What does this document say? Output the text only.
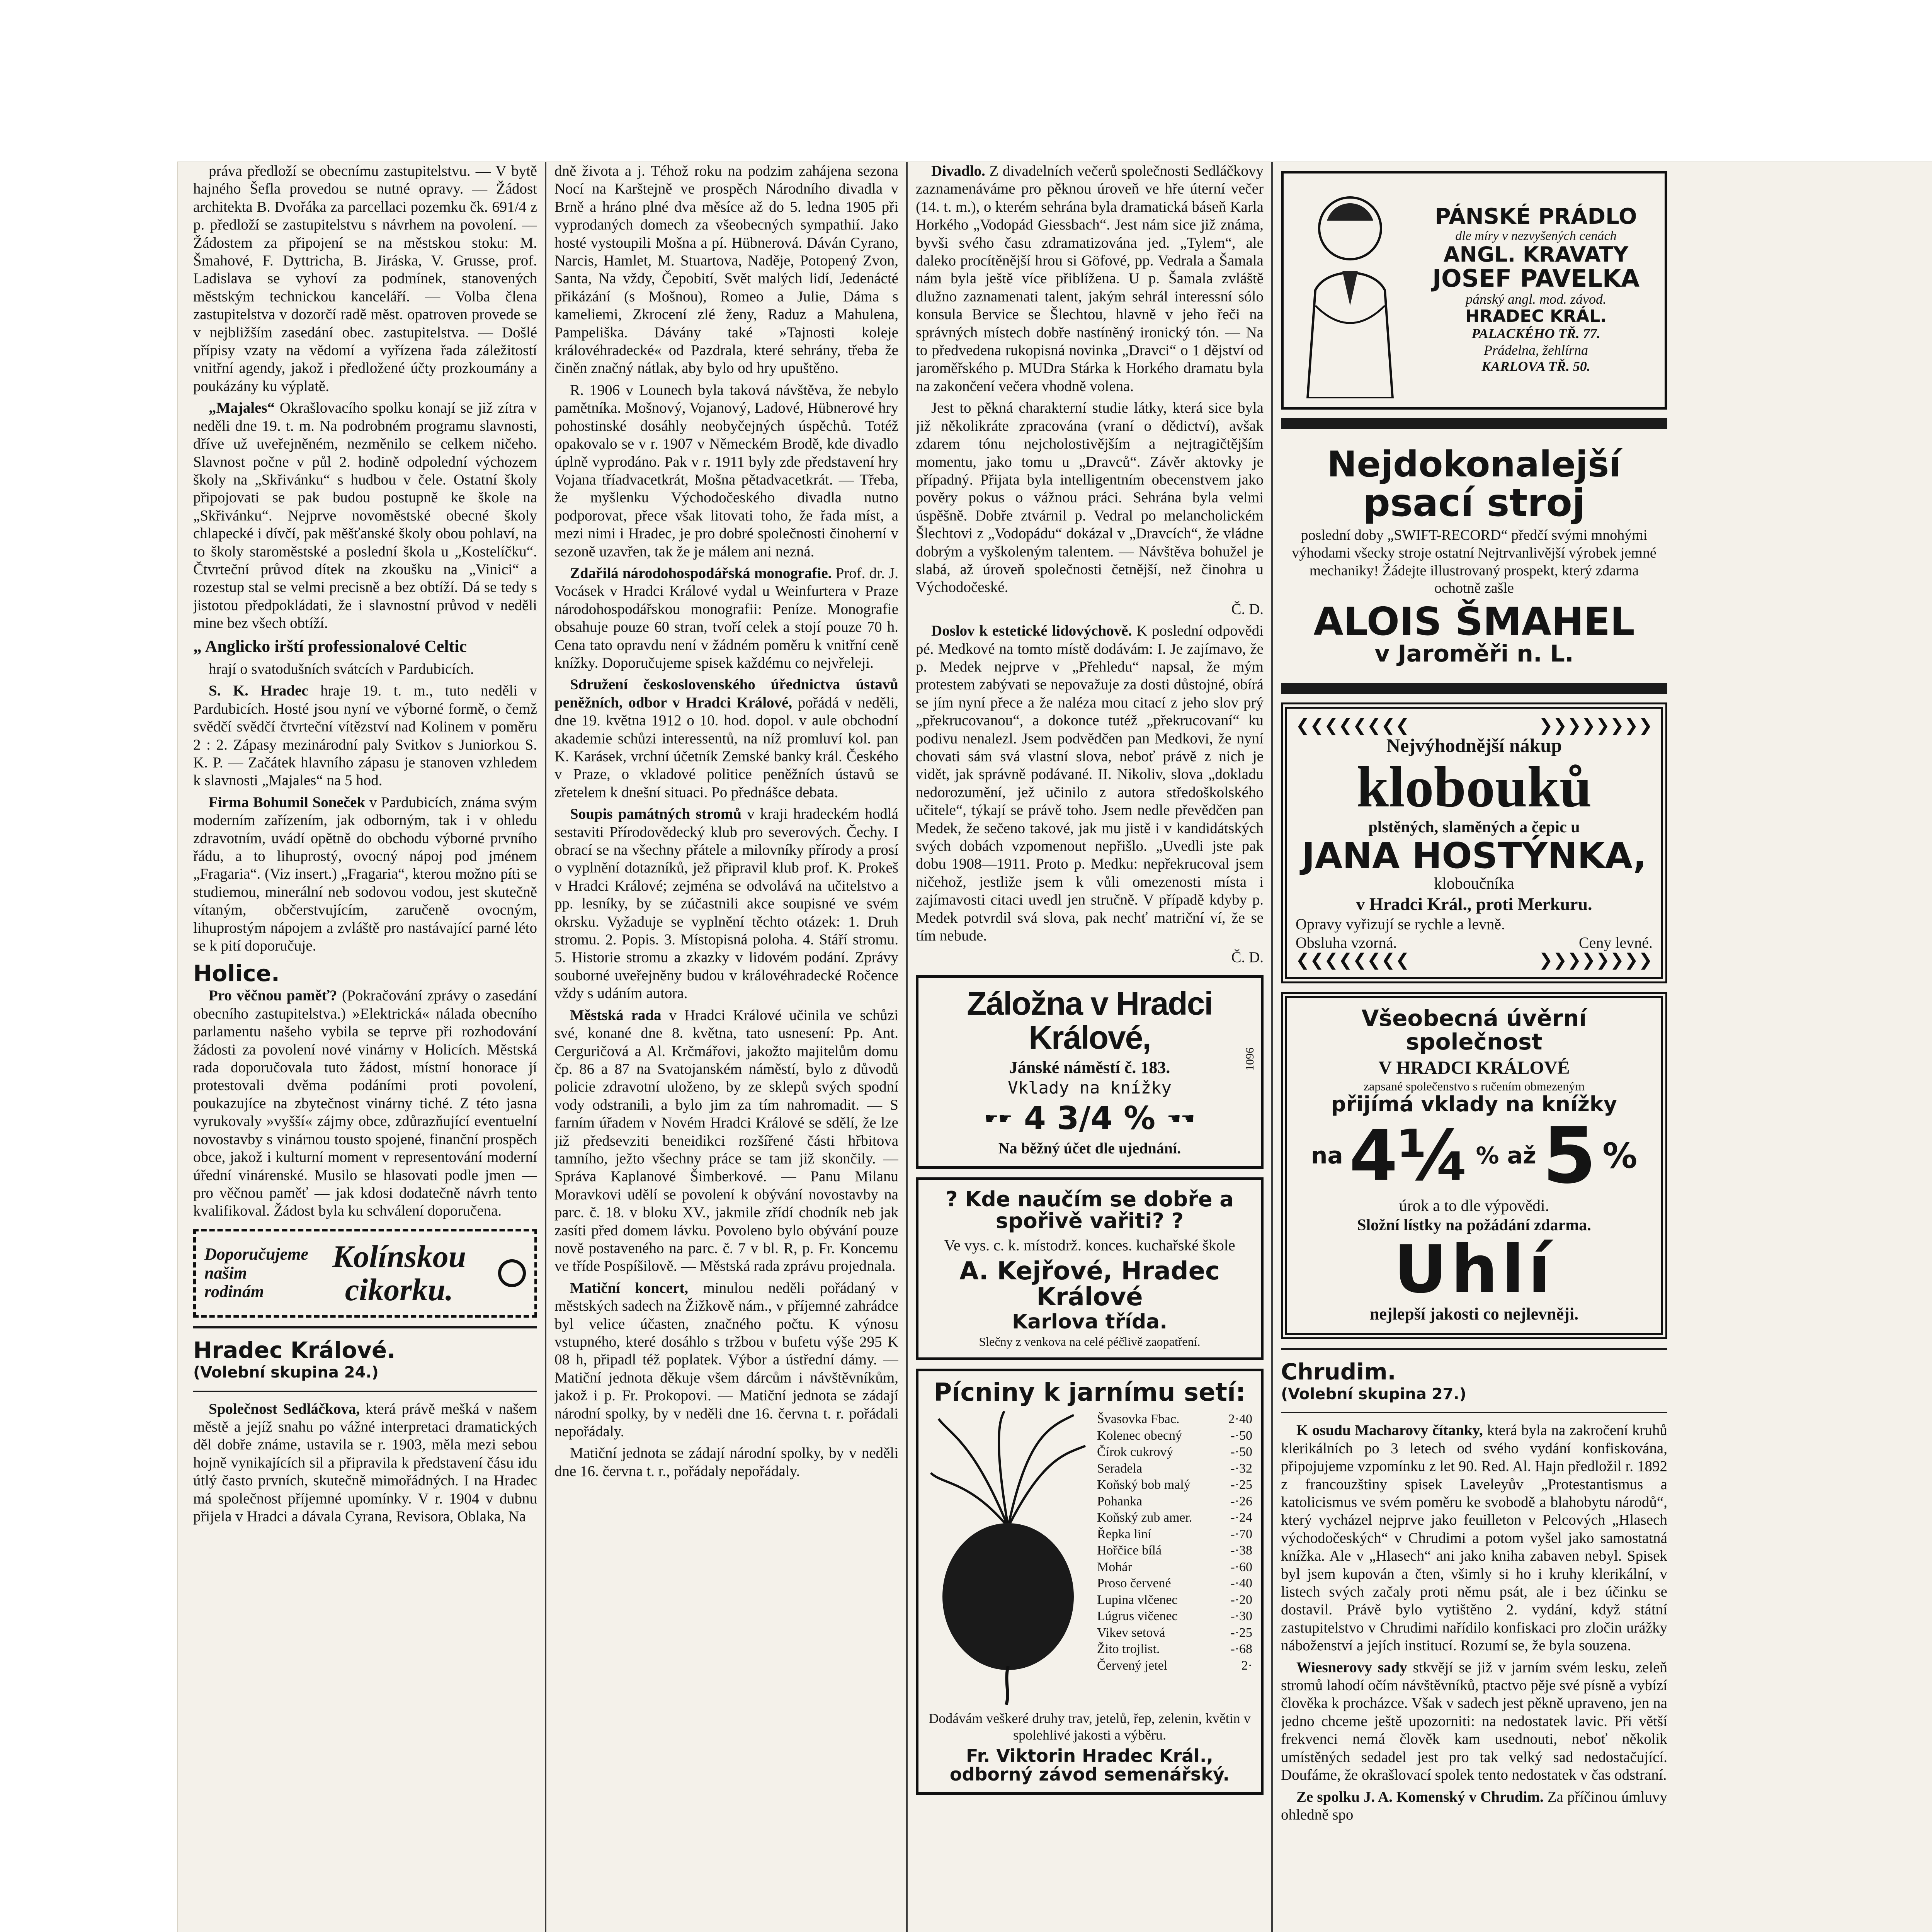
práva předloží se obecnímu zastupitelstvu. — V bytě hajného Šefla provedou se nutné opravy. — Žádost architekta B. Dvořáka za parcellaci pozemku čk. 691/4 z p. předloží se zastupitelstvu s návrhem na povolení. — Žádostem za připojení se na městskou stoku: M. Šmahové, F. Dyttricha, B. Jiráska, V. Grusse, prof. Ladislava se vyhoví za podmínek, stanovených městským technickou kanceláří. — Volba člena zastupitelstva v dozorčí radě měst. opatroven provede se v nejbližším zasedání obec. zastupitelstva. — Došlé přípisy vzaty na vědomí a vyřízena řada záležitostí vnitřní agendy, jakož i předložené účty prozkoumány a poukázány ku výplatě.

„Majales“ Okrašlovacího spolku konají se již zítra v neděli dne 19. t. m. Na podrobném programu slavnosti, dříve už uveřejněném, nezměnilo se celkem ničeho. Slavnost počne v půl 2. hodině odpolední výchozem školy na „Skřivánku“ s hudbou v čele. Ostatní školy připojovati se pak budou postupně ke škole na „Skřivánku“. Nejprve novoměstské obecné školy chlapecké i dívčí, pak měšťanské školy obou pohlaví, na to školy staroměstské a poslední škola u „Kostelíčku“. Čtvrteční průvod dítek na zkoušku na „Vinici“ a rozestup stal se velmi precisně a bez obtíží. Dá se tedy s jistotou předpokládati, že i slavnostní průvod v neděli mine bez všech obtíží.

„ Anglicko irští professionalové Celtic

hrají o svatodušních svátcích v Pardubicích.

S. K. Hradec hraje 19. t. m., tuto neděli v Pardubicích. Hosté jsou nyní ve výborné formě, o čemž svědčí svědčí čtvrteční vítězství nad Kolinem v poměru 2 : 2. Zápasy mezinárodní paly Svitkov s Juniorkou S. K. P. — Začátek hlavního zápasu je stanoven vzhledem k slavnosti „Majales“ na 5 hod.

Firma Bohumil Soneček v Pardubicích, známa svým moderním zařízením, jak odborným, tak i v ohledu zdravotním, uvádí opětně do obchodu výborné prvního řádu, a to lihuprostý, ovocný nápoj pod jménem „Fragaria“. (Viz insert.) „Fragaria“, kterou možno píti se studiemou, minerální neb sodovou vodou, jest skutečně vítaným, občerstvujícím, zaručeně ovocným, lihuprostým nápojem a zvláště pro nastávající parné léto se k pití doporučuje.

Holice.

Pro věčnou paměť? (Pokračování zprávy o zasedání obecního zastupitelstva.) »Elektrická« nálada obecního parlamentu našeho vybila se teprve při rozhodování žádosti za povolení nové vinárny v Holicích. Městská rada doporučovala tuto žádost, místní honorace jí protestovali dvěma podáními proti povolení, poukazujíce na zbytečnost vinárny tiché. Z této jasna vyrukovaly »vyšší« zájmy obce, zdůrazňující eventuelní novostavby s vinárnou tousto spojené, finanční prospěch obce, jakož i kulturní moment v representování moderní úřední vinárenské. Musilo se hlasovati podle jmen — pro věčnou paměť — jak kdosi dodatečně návrh tento kvalifikoval. Žádost byla ku schválení doporučena.

Doporučujeme našim rodinám
Kolínskou cikorku.
Hradec Králové.
(Volební skupina 24.)

Společnost Sedláčkova, která právě mešká v našem městě a jejíž snahu po vážné interpretaci dramatických děl dobře známe, ustavila se r. 1903, měla mezi sebou hojně vynikajících sil a připravila k představení čásu idu útlý často prvních, skutečně mimořádných. I na Hradec má společnost příjemné upomínky. V r. 1904 v dubnu přijela v Hradci a dávala Cyrana, Revisora, Oblaka, Na

dně života a j. Téhož roku na podzim zahájena sezona Nocí na Karštejně ve prospěch Národního divadla v Brně a hráno plné dva měsíce až do 5. ledna 1905 při vyprodaných domech za všeobecných sympathií. Jako hosté vystoupili Mošna a pí. Hübnerová. Dáván Cyrano, Narcis, Hamlet, M. Stuartova, Naděje, Potopený Zvon, Santa, Na vždy, Čepobití, Svět malých lidí, Jedenácté přikázání (s Mošnou), Romeo a Julie, Dáma s kameliemi, Zkrocení zlé ženy, Raduz a Mahulena, Pampeliška. Dávány také »Tajnosti koleje královéhradecké« od Pazdrala, které sehrány, třeba že činěn značný nátlak, aby bylo od hry upuštěno.

R. 1906 v Lounech byla taková návštěva, že nebylo pamětníka. Mošnový, Vojanový, Ladové, Hübnerové hry pohostinské dosáhly neobyčejných úspěchů. Totéž opakovalo se v r. 1907 v Německém Brodě, kde divadlo úplně vyprodáno. Pak v r. 1911 byly zde představení hry Vojana tříadvacetkrát, Mošna pětadvacetkrát. — Třeba, že myšlenku Východočeského divadla nutno podporovat, přece však litovati toho, že řada míst, a mezi nimi i Hradec, je pro dobré společnosti činoherní v sezoně uzavřen, tak že je málem ani nezná.

Zdařilá národohospodářská monografie. Prof. dr. J. Vocásek v Hradci Králové vydal u Weinfurtera v Praze národohospodářskou monografii: Peníze. Monografie obsahuje pouze 60 stran, tvoří celek a stojí pouze 70 h. Cena tato opravdu není v žádném poměru k vnitřní ceně knížky. Doporučujeme spisek každému co nejvřeleji.

Sdružení československého úřednictva ústavů peněžních, odbor v Hradci Králové, pořádá v neděli, dne 19. května 1912 o 10. hod. dopol. v aule obchodní akademie schůzi interessentů, na níž promluví kol. pan K. Karásek, vrchní účetník Zemské banky král. Českého v Praze, o vkladové politice peněžních ústavů se zřetelem k dnešní situaci. Po přednášce debata.

Soupis památných stromů v kraji hradeckém hodlá sestaviti Přírodovědecký klub pro severových. Čechy. I obrací se na všechny přátele a milovníky přírody a prosí o vyplnění dotazníků, jež připravil klub prof. K. Prokeš v Hradci Králové; zejména se odvolává na učitelstvo a pp. lesníky, by se zúčastnili akce soupisné ve svém okrsku. Vyžaduje se vyplnění těchto otázek: 1. Druh stromu. 2. Popis. 3. Místopisná poloha. 4. Stáří stromu. 5. Historie stromu a zkazky v lidovém podání. Zprávy souborné uveřejněny budou v královéhradecké Ročence vždy s udáním autora.

Městská rada v Hradci Králové učinila ve schůzi své, konané dne 8. května, tato usnesení: Pp. Ant. Cerguričová a Al. Krčmářovi, jakožto majitelům domu čp. 86 a 87 na Svatojanském náměstí, bylo z důvodů policie zdravotní uloženo, by ze sklepů svých spodní vody odstranili, a bylo jim za tím nahromadit. — S farním úřadem v Novém Hradci Králové se sdělí, že lze již předsevziti beneidikci rozšířené části hřbitova tamního, ježto všechny práce se tam již skončily. — Správa Kaplanové Šimberkové. — Panu Milanu Moravkovi udělí se povolení k obývání novostavby na parc. č. 18. v bloku XV., jakmile zřídí chodník neb jak zasíti před domem lávku. Povoleno bylo obývání pouze nově postaveného na parc. č. 7 v bl. R, p. Fr. Koncemu ve tříde Pospíšilově. — Městská rada zprávu projednala.

Matiční koncert, minulou neděli pořádaný v městských sadech na Žižkově nám., v příjemné zahrádce byl velice účasten, značného počtu. K výnosu vstupného, které dosáhlo s tržbou v bufetu výše 295 K 08 h, připadl též poplatek. Výbor a ústřední dámy. — Matiční jednota děkuje všem dárcům i návštěvníkům, jakož i p. Fr. Prokopovi. — Matiční jednota se zádají národní spolky, by v neděli dne 16. června t. r. pořádali nepořádaly.

Matiční jednota se zádají národní spolky, by v neděli dne 16. června t. r., pořádaly nepořádaly.

Divadlo. Z divadelních večerů společnosti Sedláčkovy zaznamenáváme pro pěknou úroveň ve hře úterní večer (14. t. m.), o kterém sehrána byla dramatická báseň Karla Horkého „Vodopád Giessbach“. Jest nám sice již známa, byvši svého času zdramatizována jed. „Tylem“, ale daleko procítěnější hrou si Göfové, pp. Vedrala a Šamala nám byla ještě více přiblížena. U p. Šamala zvláště dlužno zaznamenati talent, jakým sehrál interessní sólo konsula Bervice se Šlechtou, hlavně v jeho řeči na správných místech dobře nastíněný ironický tón. — Na to předvedena rukopisná novinka „Dravci“ o 1 dějství od jaroměřského p. MUDra Stárka k Horkého dramatu byla na zakončení večera vhodně volena.

Jest to pěkná charakterní studie látky, která sice byla již několikráte zpracována (vraní o dědictví), avšak zdarem tónu nejcholostivějším a nejtragičtějším momentu, jako tomu u „Dravců“. Závěr aktovky je případný. Přijata byla intelligentním obecenstvem jako pověry pokus o vážnou práci. Sehrána byla velmi úspěšně. Dobře ztvárnil p. Vedral po melancholickém Šlechtovi z „Vodopádu“ dokázal v „Dravcích“, že vládne dobrým a vyškoleným talentem. — Návštěva bohužel je slabá, až úroveň společnosti četnější, než činohra u Východočeské.

Č. D.

Doslov k estetické lidovýchově. K poslední odpovědi pé. Medkové na tomto místě dodávám: I. Je zajímavo, že p. Medek nejprve v „Přehledu“ napsal, že mým protestem zabývati se nepovažuje za dosti důstojné, obírá se jím nyní přece a že naléza mou citací z jeho slov prý „překrucovanou“, a dokonce tutéž „překrucovaní“ ku podivu nenalezl. Jsem podvědčen pan Medkovi, že nyní chovati sám svá vlastní slova, neboť právě z nich je vidět, jak správně podávané. II. Nikoliv, slova „dokladu nedorozumění, jež učinilo z autora středoškolského učitele“, týkají se právě toho. Jsem nedle převědčen pan Medek, že sečeno takové, jak mu jistě i v kandidátských svých dobách vzpomenout nepřišlo. „Uvedli jste pak dobu 1908—1911. Proto p. Medku: nepřekrucoval jsem ničehož, jestliže jsem k vůli omezenosti místa i zajímavosti citaci uvedl jen stručně. V případě kdyby p. Medek potvrdil svá slova, pak nechť matriční ví, že se tím nebude.

Č. D.

Záložna v Hradci Králové,
Jánské náměstí č. 183.
Vklady na knížky
☛☛ 4 3/4 % ☚☚
Na běžný účet dle ujednání.
1096
? Kde naučím se dobře a spořivě vařiti? ?
Ve vys. c. k. místodrž. konces. kuchařské škole
A. Kejřové, Hradec Králové
Karlova třída.
Slečny z venkova na celé péčlivě zaopatření.
Pícniny k jarnímu setí:
Švasovka Fbac.	2·40
Kolenec obecný	-·50
Čírok cukrový	-·50
Seradela	-·32
Koňský bob malý	-·25
Pohanka	-·26
Koňský zub amer.	-·24
Řepka liní	-·70
Hořčice bílá	-·38
Mohár	-·60
Proso červené	-·40
Lupina vlčenec	-·20
Lúgrus vičenec	-·30
Vikev setová	-·25
Žito trojlist.	-·68
Červený jetel	2·
Dodávám veškeré druhy trav, jetelů, řep, zelenin, květin v spolehlivé jakosti a výběru.
Fr. Viktorin Hradec Král., odborný závod semenářský.
PÁNSKÉ PRÁDLO
dle míry v nezvyšených cenách
ANGL. KRAVATY
JOSEF PAVELKA
pánský angl. mod. závod.
HRADEC KRÁL.
PALACKÉHO TŘ. 77.
Prádelna, žehlírna
KARLOVA TŘ. 50.
Nejdokonalejší
psací stroj
poslední doby „SWIFT-RECORD“ předčí svými mnohými výhodami všecky stroje ostatní Nejtrvanlivější výrobek jemné mechaniky! Žádejte illustrovaný prospekt, který zdarma ochotně zašle
ALOIS ŠMAHEL
v Jaroměři n. L.
❮❮❮❮❮❮❮❮	❯❯❯❯❯❯❯❯
Nejvýhodnější nákup
klobouků
plstěných, slaměných a čepic u
JANA HOSTÝNKA,
kloboučníka
v Hradci Král., proti Merkuru.
Opravy vyřizují se rychle a levně.
Obsluha vzorná.	Ceny levné.
❮❮❮❮❮❮❮❮	❯❯❯❯❯❯❯❯
Všeobecná úvěrní společnost
V HRADCI KRÁLOVÉ
zapsané společenstvo s ručením obmezeným
přijímá vklady na knížky
na 4¼ % až 5 %
úrok a to dle výpovědi.
Složní lístky na požádání zdarma.
Uhlí
nejlepší jakosti co nejlevněji.
Chrudim.
(Volební skupina 27.)

K osudu Macharovy čítanky, která byla na zakročení kruhů klerikálních po 3 letech od svého vydání konfiskována, připojujeme vzpomínku z let 90. Red. Al. Hajn předložil r. 1892 z francouzštiny spisek Laveleyův „Protestantismus a katolicismus ve svém poměru ke svobodě a blahobytu národů“, který vycházel nejprve jako feuilleton v Pelcových „Hlasech východočeských“ v Chrudimi a potom vyšel jako samostatná knížka. Ale v „Hlasech“ ani jako kniha zabaven nebyl. Spisek byl jsem kupován a čten, všimly si ho i kruhy klerikální, v listech svých začaly proti němu psát, ale i bez účinku se dostavil. Právě bylo vytištěno 2. vydání, když státní zastupitelstvo v Chrudimi nařídilo konfiskaci pro zločin urážky náboženství a jejích institucí. Rozumí se, že byla souzena.

Wiesnerovy sady stkvějí se již v jarním svém lesku, zeleň stromů lahodí očím návštěvníků, ptactvo pěje své písně a vybízí člověka k procházce. Však v sadech jest pěkně upraveno, jen na jedno chceme ještě upozorniti: na nedostatek lavic. Při větší frekvenci nemá člověk kam usednouti, neboť několik umístěných sedadel jest pro tak velký sad nedostačující. Doufáme, že okrašlovací spolek tento nedostatek v čas odstraní.

Ze spolku J. A. Komenský v Chrudim. Za příčinou úmluvy ohledně spo
